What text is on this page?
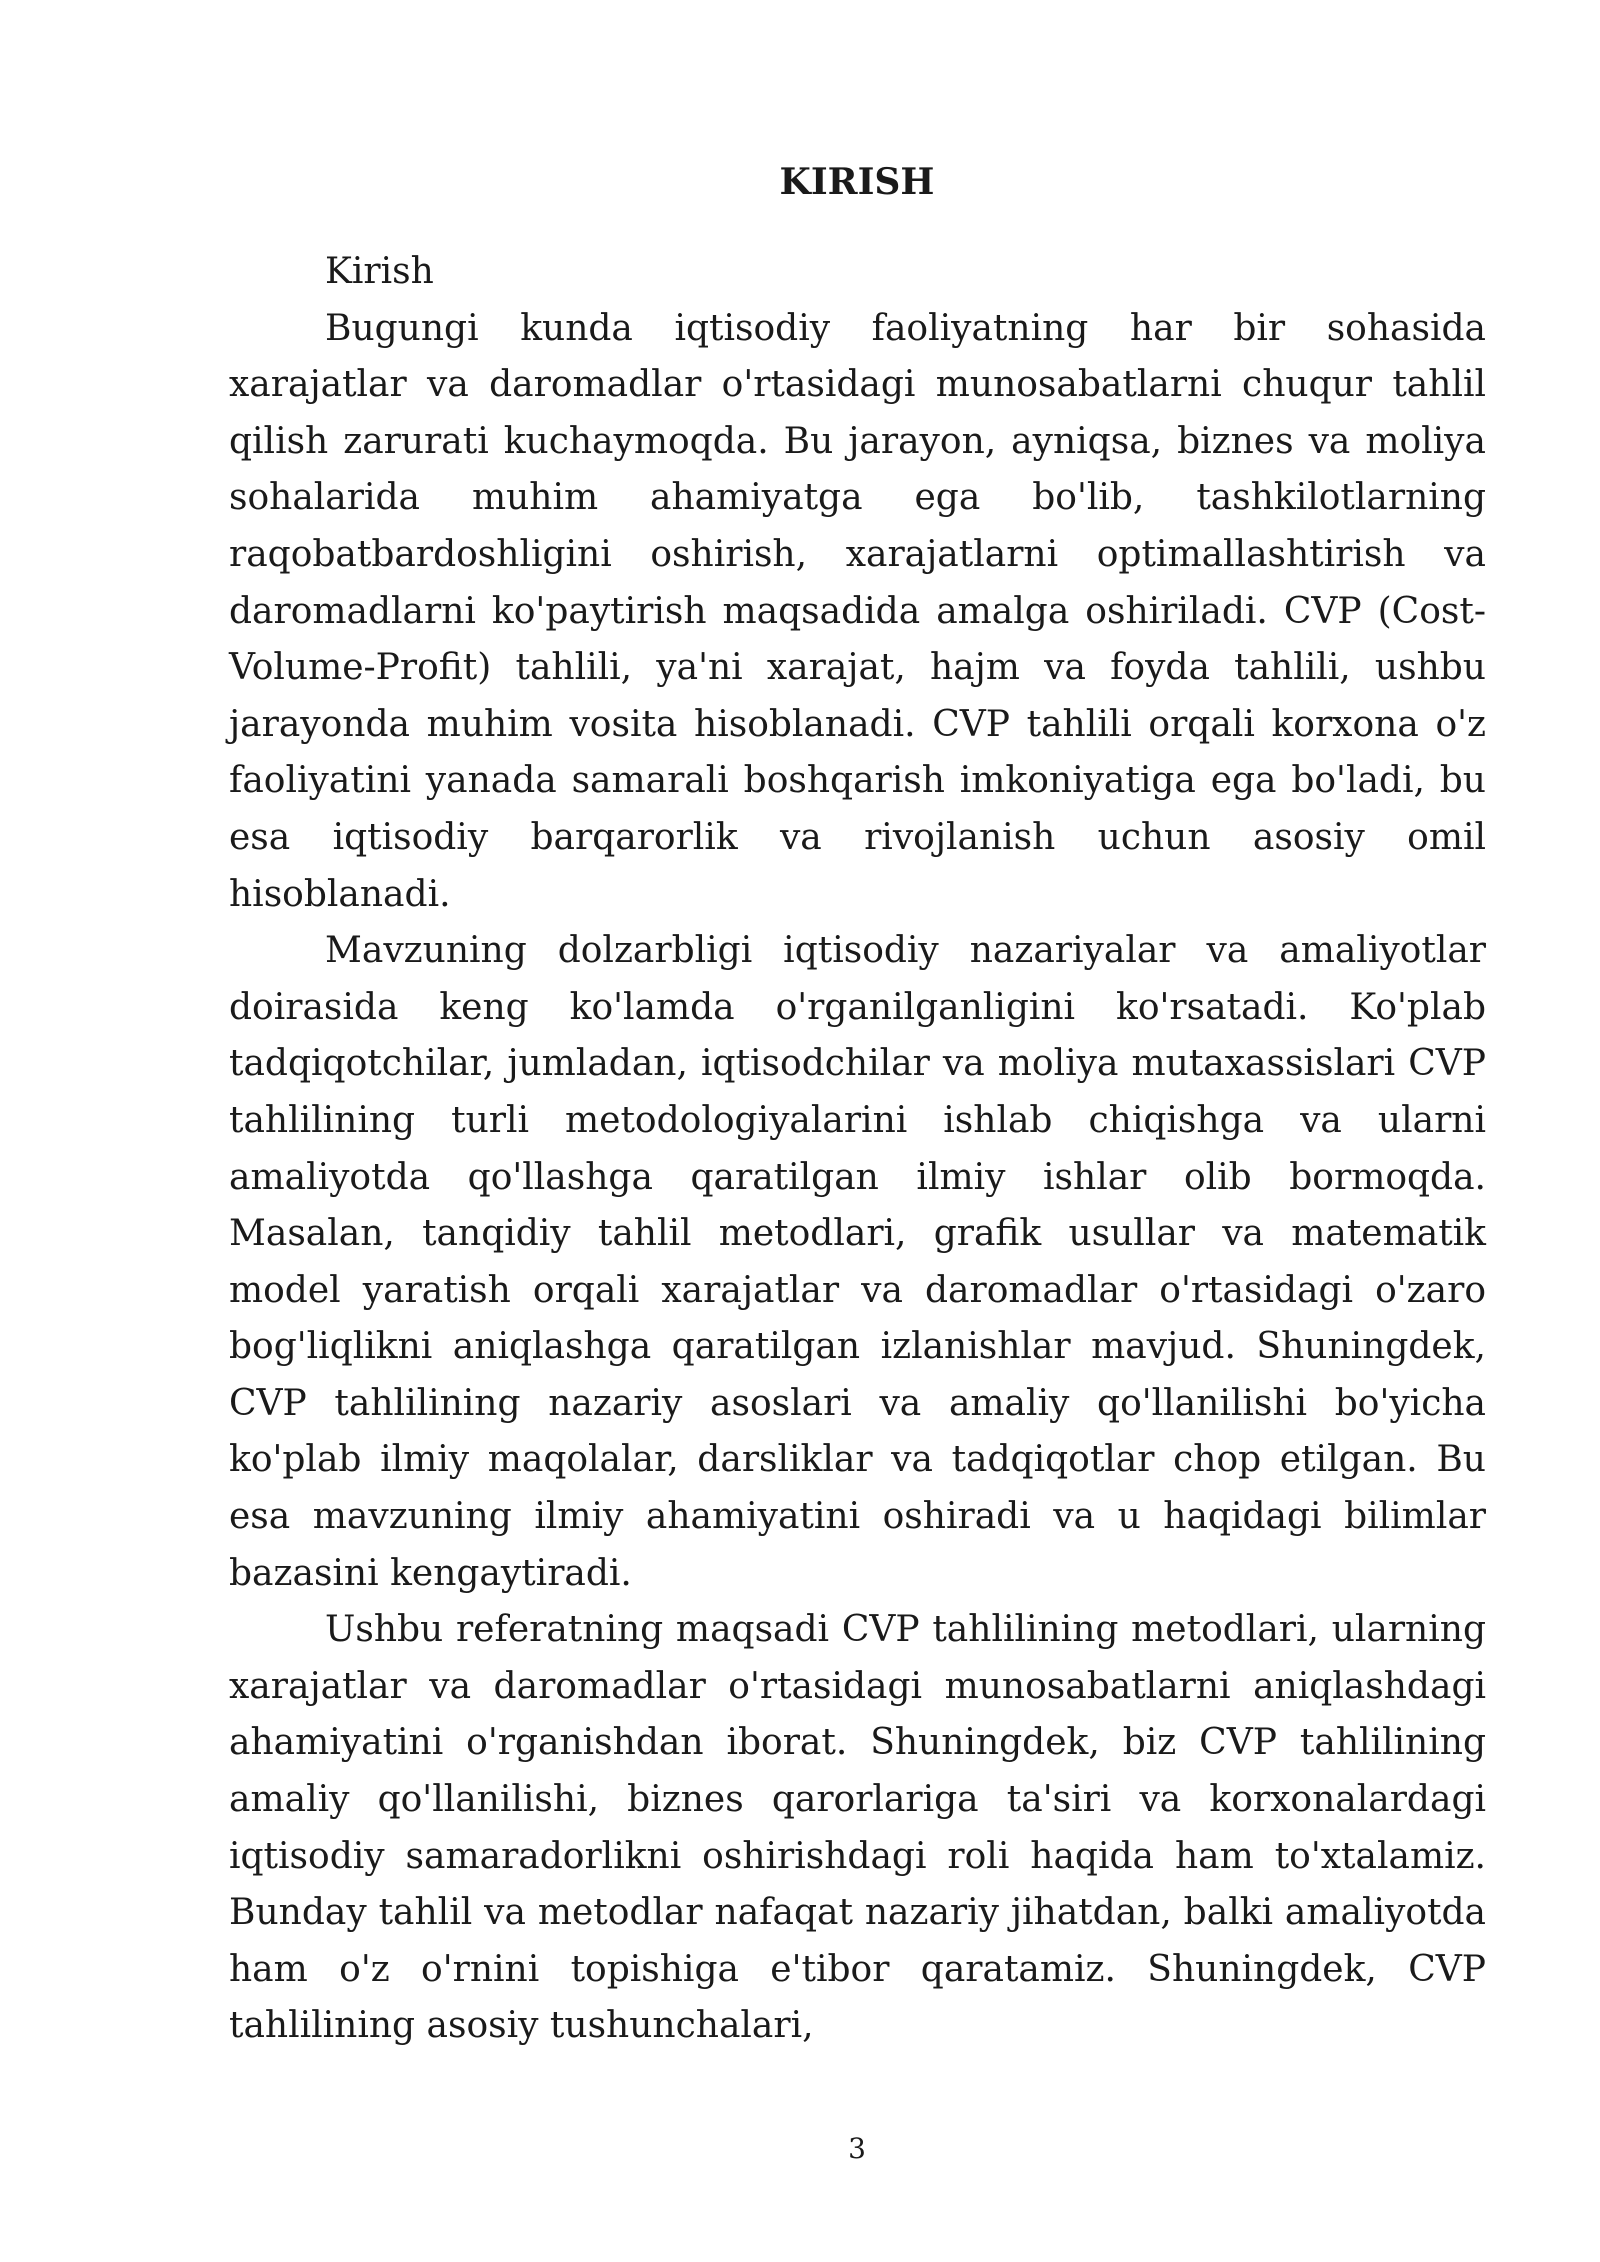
KIRISH

Kirish

Bugungi kunda iqtisodiy faoliyatning har bir sohasida xarajatlar va daromadlar o'rtasidagi munosabatlarni chuqur tahlil qilish zarurati kuchaymoqda. Bu jarayon, ayniqsa, biznes va moliya sohalarida muhim ahamiyatga ega bo'lib, tashkilotlarning raqobatbardoshligini oshirish, xarajatlarni optimallashtirish va daromadlarni ko'paytirish maqsadida amalga oshiriladi. CVP (Cost-Volume-Profit) tahlili, ya'ni xarajat, hajm va foyda tahlili, ushbu jarayonda muhim vosita hisoblanadi. CVP tahlili orqali korxona o'z faoliyatini yanada samarali boshqarish imkoniyatiga ega bo'ladi, bu esa iqtisodiy barqarorlik va rivojlanish uchun asosiy omil hisoblanadi.

Mavzuning dolzarbligi iqtisodiy nazariyalar va amaliyotlar doirasida keng ko'lamda o'rganilganligini ko'rsatadi. Ko'plab tadqiqotchilar, jumladan, iqtisodchilar va moliya mutaxassislari CVP tahlilining turli metodologiyalarini ishlab chiqishga va ularni amaliyotda qo'llashga qaratilgan ilmiy ishlar olib bormoqda. Masalan, tanqidiy tahlil metodlari, grafik usullar va matematik model yaratish orqali xarajatlar va daromadlar o'rtasidagi o'zaro bog'liqlikni aniqlashga qaratilgan izlanishlar mavjud. Shuningdek, CVP tahlilining nazariy asoslari va amaliy qo'llanilishi bo'yicha ko'plab ilmiy maqolalar, darsliklar va tadqiqotlar chop etilgan. Bu esa mavzuning ilmiy ahamiyatini oshiradi va u haqidagi bilimlar bazasini kengaytiradi.

Ushbu referatning maqsadi CVP tahlilining metodlari, ularning xarajatlar va daromadlar o'rtasidagi munosabatlarni aniqlashdagi ahamiyatini o'rganishdan iborat. Shuningdek, biz CVP tahlilining amaliy qo'llanilishi, biznes qarorlariga ta'siri va korxonalardagi iqtisodiy samaradorlikni oshirishdagi roli haqida ham to'xtalamiz. Bunday tahlil va metodlar nafaqat nazariy jihatdan, balki amaliyotda ham o'z o'rnini topishiga e'tibor qaratamiz. Shuningdek, CVP tahlilining asosiy tushunchalari,

3
